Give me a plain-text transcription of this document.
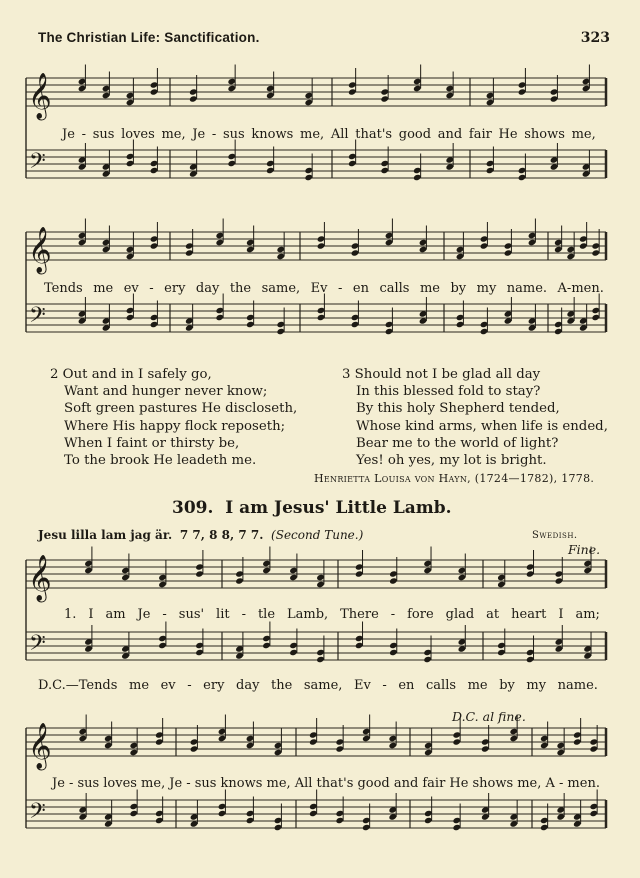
The Christian Life: Sanctification.	323
𝄞
𝄢
𝄞
𝄢
𝄞
𝄢
𝄞
𝄢
Je - sus loves me, Je - sus knows me, All that's good and fair He shows me,
Tends me ev - ery day the same, Ev - en calls me by my name. A-men.
2 Out and in I safely go,
Want and hunger never know;
Soft green pastures He discloseth,
Where His happy flock reposeth;
When I faint or thirsty be,
To the brook He leadeth me.
3 Should not I be glad all day
In this blessed fold to stay?
By this holy Shepherd tended,
Whose kind arms, when life is ended,
Bear me to the world of light?
Yes! oh yes, my lot is bright.
Henrietta Louisa von Hayn, (1724—1782), 1778.
309. I am Jesus' Little Lamb.
Jesu lilla lam jag är. 7 7, 8 8, 7 7. (Second Tune.)	Swedish.
Fine.
1. I am Je - sus' lit - tle Lamb, There - fore glad at heart I am;
D.C.—Tends me ev - ery day the same, Ev - en calls me by my name.
D.C. al fine.
Je - sus loves me, Je - sus knows me, All that's good and fair He shows me, A - men.
